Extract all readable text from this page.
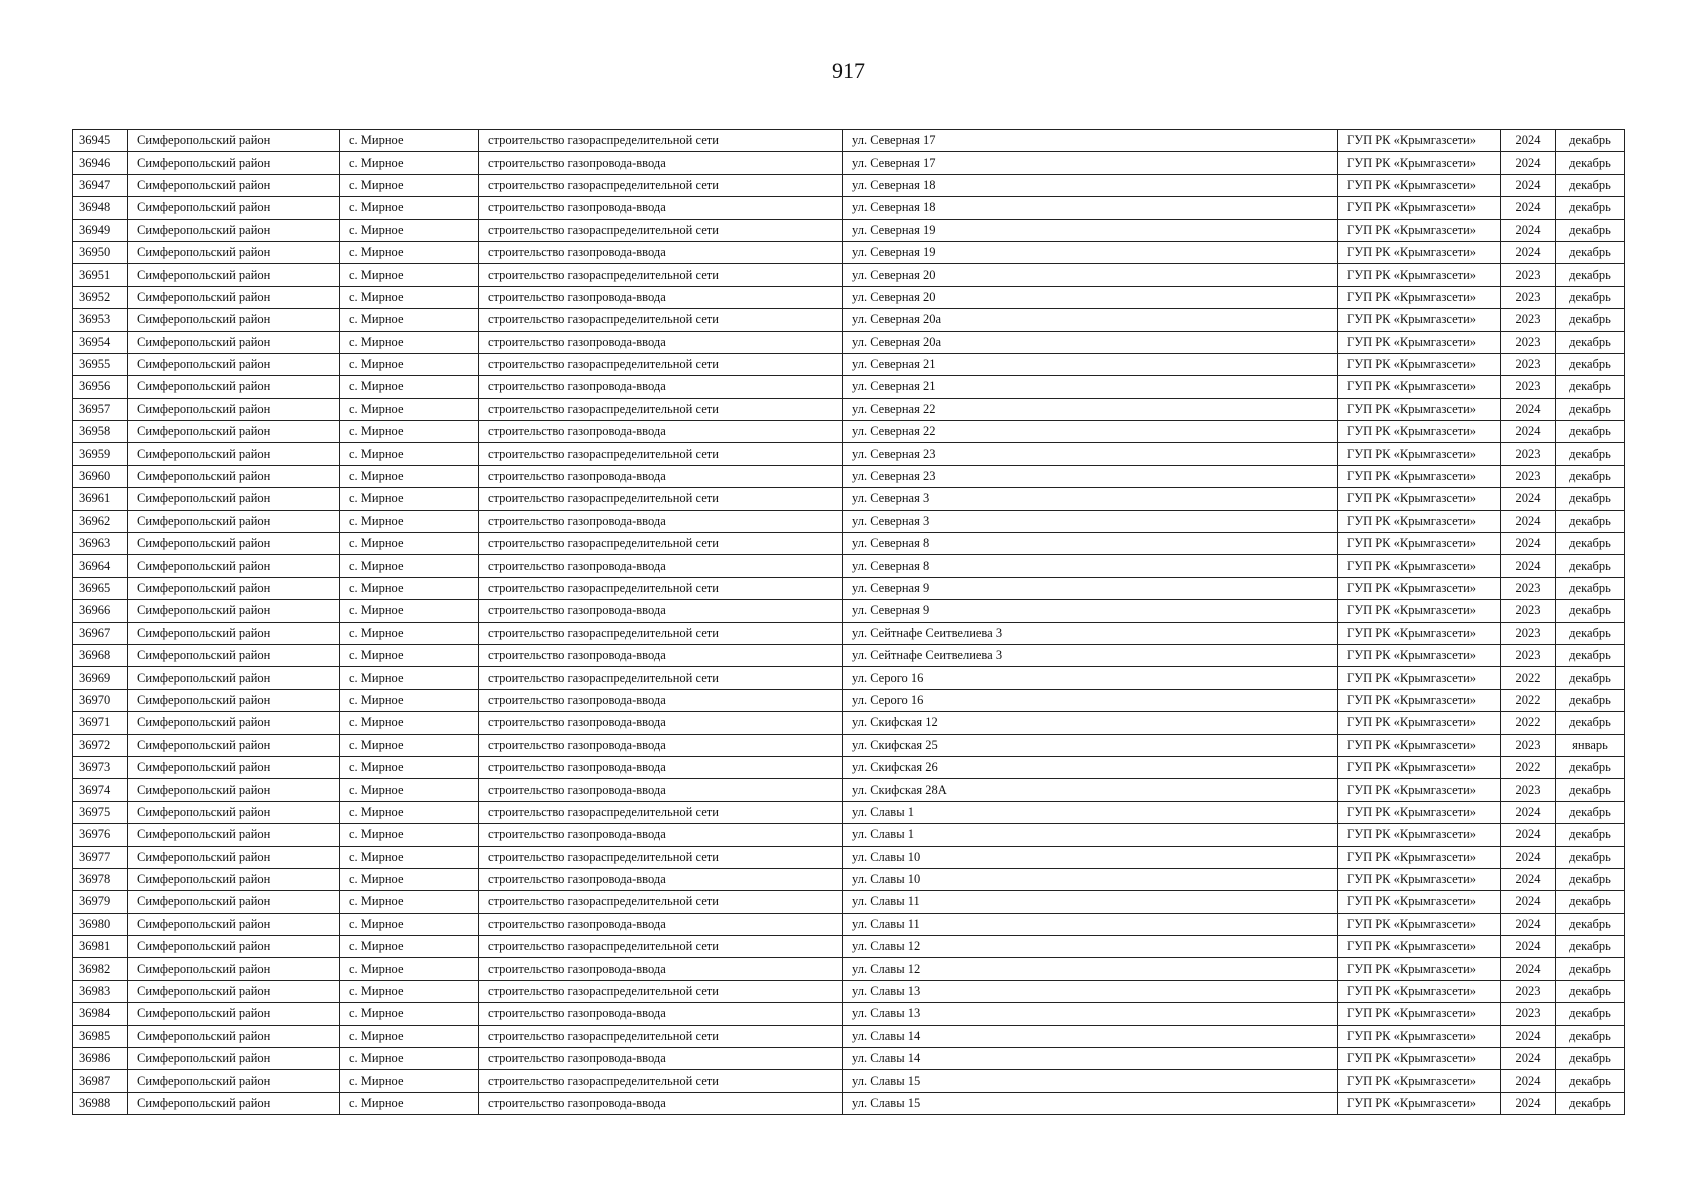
917
36945	Симферопольский район	с. Мирное	строительство газораспределительной сети	ул. Северная 17	ГУП РК «Крымгазсети»	2024	декабрь
36946	Симферопольский район	с. Мирное	строительство газопровода-ввода	ул. Северная 17	ГУП РК «Крымгазсети»	2024	декабрь
36947	Симферопольский район	с. Мирное	строительство газораспределительной сети	ул. Северная 18	ГУП РК «Крымгазсети»	2024	декабрь
36948	Симферопольский район	с. Мирное	строительство газопровода-ввода	ул. Северная 18	ГУП РК «Крымгазсети»	2024	декабрь
36949	Симферопольский район	с. Мирное	строительство газораспределительной сети	ул. Северная 19	ГУП РК «Крымгазсети»	2024	декабрь
36950	Симферопольский район	с. Мирное	строительство газопровода-ввода	ул. Северная 19	ГУП РК «Крымгазсети»	2024	декабрь
36951	Симферопольский район	с. Мирное	строительство газораспределительной сети	ул. Северная 20	ГУП РК «Крымгазсети»	2023	декабрь
36952	Симферопольский район	с. Мирное	строительство газопровода-ввода	ул. Северная 20	ГУП РК «Крымгазсети»	2023	декабрь
36953	Симферопольский район	с. Мирное	строительство газораспределительной сети	ул. Северная 20а	ГУП РК «Крымгазсети»	2023	декабрь
36954	Симферопольский район	с. Мирное	строительство газопровода-ввода	ул. Северная 20а	ГУП РК «Крымгазсети»	2023	декабрь
36955	Симферопольский район	с. Мирное	строительство газораспределительной сети	ул. Северная 21	ГУП РК «Крымгазсети»	2023	декабрь
36956	Симферопольский район	с. Мирное	строительство газопровода-ввода	ул. Северная 21	ГУП РК «Крымгазсети»	2023	декабрь
36957	Симферопольский район	с. Мирное	строительство газораспределительной сети	ул. Северная 22	ГУП РК «Крымгазсети»	2024	декабрь
36958	Симферопольский район	с. Мирное	строительство газопровода-ввода	ул. Северная 22	ГУП РК «Крымгазсети»	2024	декабрь
36959	Симферопольский район	с. Мирное	строительство газораспределительной сети	ул. Северная 23	ГУП РК «Крымгазсети»	2023	декабрь
36960	Симферопольский район	с. Мирное	строительство газопровода-ввода	ул. Северная 23	ГУП РК «Крымгазсети»	2023	декабрь
36961	Симферопольский район	с. Мирное	строительство газораспределительной сети	ул. Северная 3	ГУП РК «Крымгазсети»	2024	декабрь
36962	Симферопольский район	с. Мирное	строительство газопровода-ввода	ул. Северная 3	ГУП РК «Крымгазсети»	2024	декабрь
36963	Симферопольский район	с. Мирное	строительство газораспределительной сети	ул. Северная 8	ГУП РК «Крымгазсети»	2024	декабрь
36964	Симферопольский район	с. Мирное	строительство газопровода-ввода	ул. Северная 8	ГУП РК «Крымгазсети»	2024	декабрь
36965	Симферопольский район	с. Мирное	строительство газораспределительной сети	ул. Северная 9	ГУП РК «Крымгазсети»	2023	декабрь
36966	Симферопольский район	с. Мирное	строительство газопровода-ввода	ул. Северная 9	ГУП РК «Крымгазсети»	2023	декабрь
36967	Симферопольский район	с. Мирное	строительство газораспределительной сети	ул. Сейтнафе Сеитвелиева 3	ГУП РК «Крымгазсети»	2023	декабрь
36968	Симферопольский район	с. Мирное	строительство газопровода-ввода	ул. Сейтнафе Сеитвелиева 3	ГУП РК «Крымгазсети»	2023	декабрь
36969	Симферопольский район	с. Мирное	строительство газораспределительной сети	ул. Серого 16	ГУП РК «Крымгазсети»	2022	декабрь
36970	Симферопольский район	с. Мирное	строительство газопровода-ввода	ул. Серого 16	ГУП РК «Крымгазсети»	2022	декабрь
36971	Симферопольский район	с. Мирное	строительство газопровода-ввода	ул. Скифская 12	ГУП РК «Крымгазсети»	2022	декабрь
36972	Симферопольский район	с. Мирное	строительство газопровода-ввода	ул. Скифская 25	ГУП РК «Крымгазсети»	2023	январь
36973	Симферопольский район	с. Мирное	строительство газопровода-ввода	ул. Скифская 26	ГУП РК «Крымгазсети»	2022	декабрь
36974	Симферопольский район	с. Мирное	строительство газопровода-ввода	ул. Скифская 28А	ГУП РК «Крымгазсети»	2023	декабрь
36975	Симферопольский район	с. Мирное	строительство газораспределительной сети	ул. Славы 1	ГУП РК «Крымгазсети»	2024	декабрь
36976	Симферопольский район	с. Мирное	строительство газопровода-ввода	ул. Славы 1	ГУП РК «Крымгазсети»	2024	декабрь
36977	Симферопольский район	с. Мирное	строительство газораспределительной сети	ул. Славы 10	ГУП РК «Крымгазсети»	2024	декабрь
36978	Симферопольский район	с. Мирное	строительство газопровода-ввода	ул. Славы 10	ГУП РК «Крымгазсети»	2024	декабрь
36979	Симферопольский район	с. Мирное	строительство газораспределительной сети	ул. Славы 11	ГУП РК «Крымгазсети»	2024	декабрь
36980	Симферопольский район	с. Мирное	строительство газопровода-ввода	ул. Славы 11	ГУП РК «Крымгазсети»	2024	декабрь
36981	Симферопольский район	с. Мирное	строительство газораспределительной сети	ул. Славы 12	ГУП РК «Крымгазсети»	2024	декабрь
36982	Симферопольский район	с. Мирное	строительство газопровода-ввода	ул. Славы 12	ГУП РК «Крымгазсети»	2024	декабрь
36983	Симферопольский район	с. Мирное	строительство газораспределительной сети	ул. Славы 13	ГУП РК «Крымгазсети»	2023	декабрь
36984	Симферопольский район	с. Мирное	строительство газопровода-ввода	ул. Славы 13	ГУП РК «Крымгазсети»	2023	декабрь
36985	Симферопольский район	с. Мирное	строительство газораспределительной сети	ул. Славы 14	ГУП РК «Крымгазсети»	2024	декабрь
36986	Симферопольский район	с. Мирное	строительство газопровода-ввода	ул. Славы 14	ГУП РК «Крымгазсети»	2024	декабрь
36987	Симферопольский район	с. Мирное	строительство газораспределительной сети	ул. Славы 15	ГУП РК «Крымгазсети»	2024	декабрь
36988	Симферопольский район	с. Мирное	строительство газопровода-ввода	ул. Славы 15	ГУП РК «Крымгазсети»	2024	декабрь
